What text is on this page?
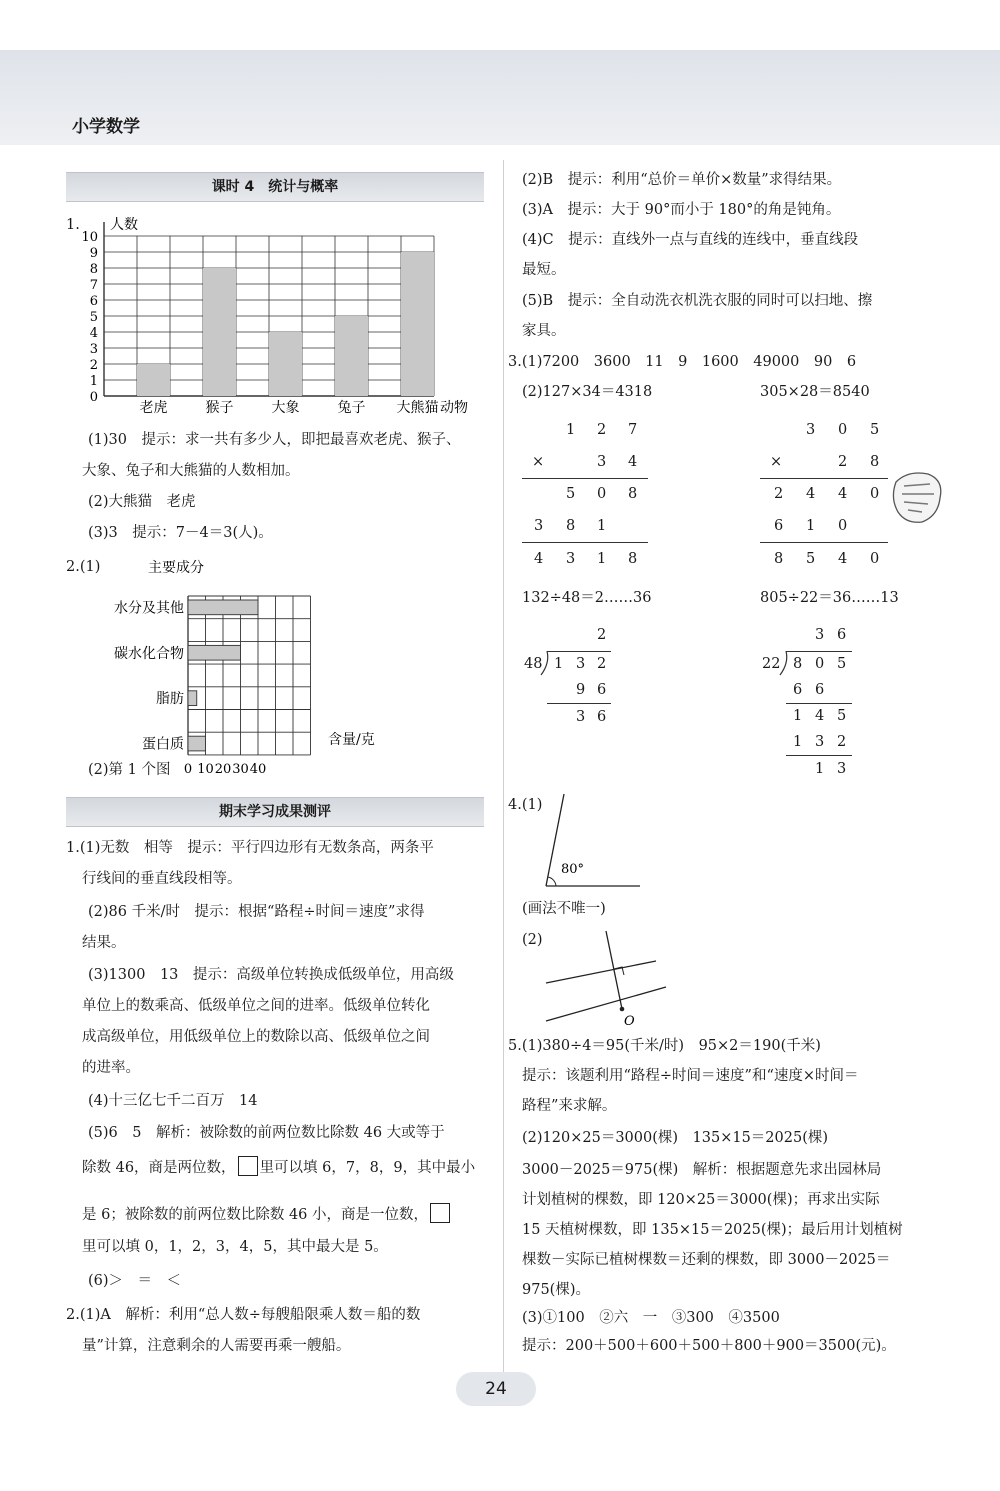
小学数学
课时 4　统计与概率
1.
0
1
2
3
4
5
6
7
8
9
10
老虎	猴子	大象	兔子 大熊猫
人数
动物
(1)30　提示：求一共有多少人，即把最喜欢老虎、猴子、
大象、兔子和大熊猫的人数相加。
(2)大熊猫　老虎
(3)3　提示：7－4＝3(人)。
2.(1)	主要成分
水分及其他
碳水化合物
脂肪
蛋白质
0 10 20 30 40
含量/克
(2)第 1 个图
期末学习成果测评
1.(1)无数　相等　提示：平行四边形有无数条高，两条平
行线间的垂直线段相等。
(2)86 千米/时　提示：根据“路程÷时间＝速度”求得
结果。
(3)1300　13　提示：高级单位转换成低级单位，用高级
单位上的数乘高、低级单位之间的进率。低级单位转化
成高级单位，用低级单位上的数除以高、低级单位之间
的进率。
(4)十三亿七千二百万　14
(5)6　5　解析：被除数的前两位数比除数 46 大或等于
除数 46，商是两位数， 里可以填 6，7，8，9，其中最小
是 6；被除数的前两位数比除数 46 小，商是一位数，
里可以填 0，1，2，3，4，5，其中最大是 5。
(6)＞　＝　＜
2.(1)A　解析：利用“总人数÷每艘船限乘人数＝船的数
量”计算，注意剩余的人需要再乘一艘船。
(2)B　提示：利用“总价＝单价×数量”求得结果。
(3)A　提示：大于 90°而小于 180°的角是钝角。
(4)C　提示：直线外一点与直线的连线中，垂直线段
最短。
(5)B　提示：全自动洗衣机洗衣服的同时可以扫地、擦
家具。
3.(1)7200　3600　11　9　1600　49000　90　6
(2)127×34＝4318	305×28＝8540
1 2 7
×	3 4
5 0 8
3 8 1
4 3 1 8
3 0 5
×	2 8
2 4 4 0
6 1 0
8 5 4 0
132÷48＝2……36	805÷22＝36……13
2
48 1 3 2
9 6
3 6
3 6
22 8 0 5
6 6
1 4 5
1 3 2
1 3
4.(1)
80°
(画法不唯一)
(2)
O
5.(1)380÷4＝95(千米/时)　95×2＝190(千米)
提示：该题利用“路程÷时间＝速度”和“速度×时间＝
路程”来求解。
(2)120×25＝3000(棵)　135×15＝2025(棵)
3000－2025＝975(棵)　解析：根据题意先求出园林局
计划植树的棵数，即 120×25＝3000(棵)；再求出实际
15 天植树棵数，即 135×15＝2025(棵)；最后用计划植树
棵数－实际已植树棵数＝还剩的棵数，即 3000－2025＝
975(棵)。
(3)①100　②六　一　③300　④3500
提示：200＋500＋600＋500＋800＋900＝3500(元)。
24
